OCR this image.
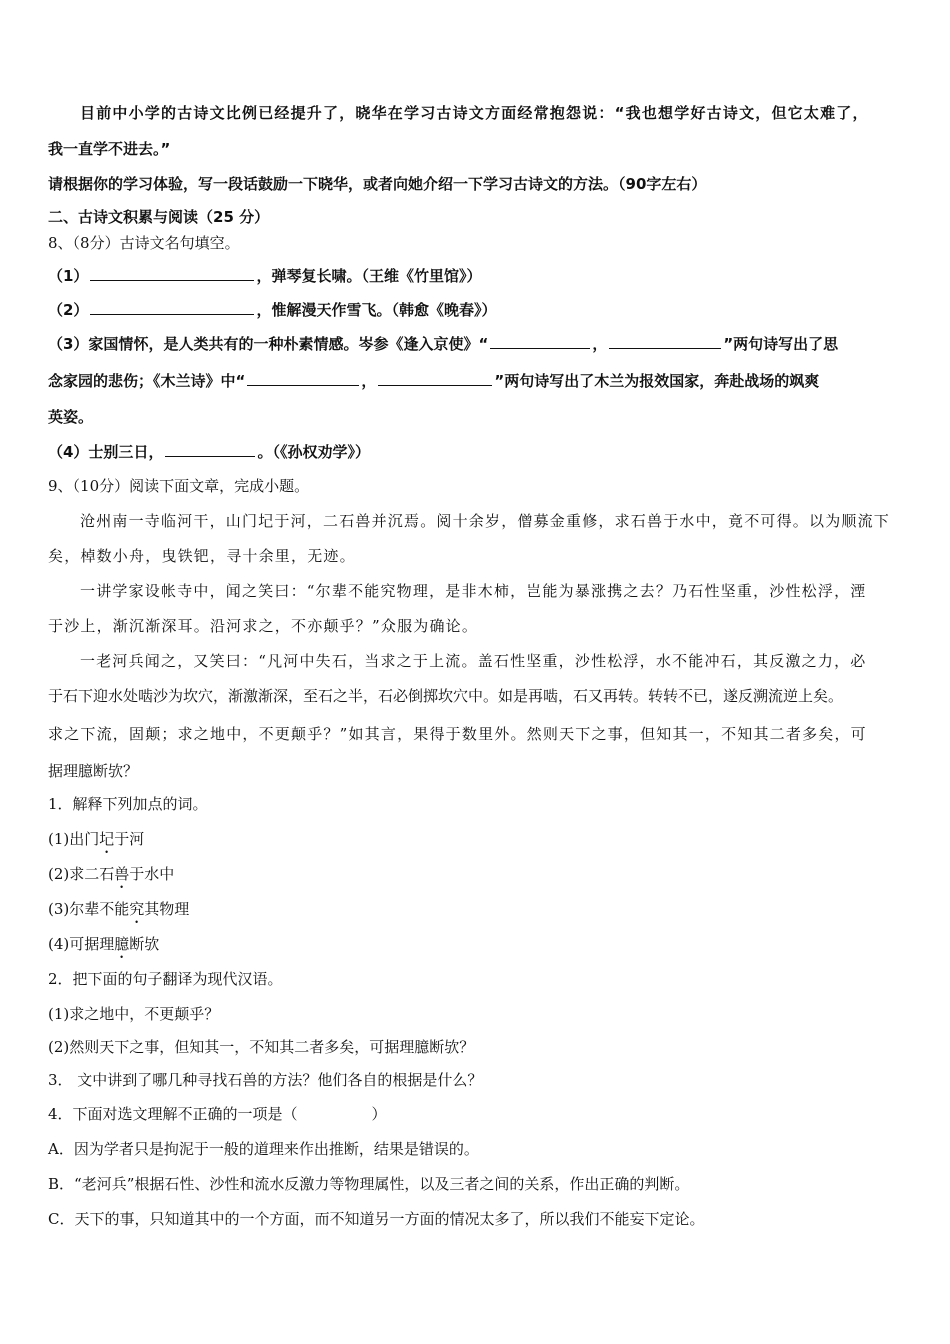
目前中小学的古诗文比例已经提升了，晓华在学习古诗文方面经常抱怨说：“我也想学好古诗文，但它太难了，
我一直学不进去。”
请根据你的学习体验，写一段话鼓励一下晓华，或者向她介绍一下学习古诗文的方法。（90字左右）
二、古诗文积累与阅读（25 分）
8、（8分）古诗文名句填空。
（1）	，弹琴复长啸。（王维《竹里馆》）
（2）	，惟解漫天作雪飞。（韩愈《晚春》）
（3）家国情怀，是人类共有的一种朴素情感。岑参《逢入京使》“	，	”两句诗写出了思
念家园的悲伤；《木兰诗》中“	，	”两句诗写出了木兰为报效国家，奔赴战场的飒爽
英姿。
（4）士别三日，	。（《孙权劝学》）
9、（10分）阅读下面文章，完成小题。
沧州南一寺临河干，山门圮于河，二石兽并沉焉。阅十余岁，僧募金重修，求石兽于水中，竟不可得。以为顺流下
矣，棹数小舟，曳铁钯，寻十余里，无迹。
一讲学家设帐寺中，闻之笑曰：“尔辈不能究物理，是非木柿，岂能为暴涨携之去？乃石性坚重，沙性松浮，湮
于沙上，渐沉渐深耳。沿河求之，不亦颠乎？”众服为确论。
一老河兵闻之，又笑曰：“凡河中失石，当求之于上流。盖石性坚重，沙性松浮，水不能冲石，其反激之力，必
于石下迎水处啮沙为坎穴，渐激渐深，至石之半，石必倒掷坎穴中。如是再啮，石又再转。转转不已，遂反溯流逆上矣。
求之下流，固颠；求之地中，不更颠乎？”如其言，果得于数里外。然则天下之事，但知其一，不知其二者多矣，可
据理臆断欤？
1．解释下列加点的词。
(1)出门圮于河
(2)求二石兽于水中
(3)尔辈不能究其物理
(4)可据理臆断欤
2．把下面的句子翻译为现代汉语。
(1)求之地中，不更颠乎？
(2)然则天下之事，但知其一，不知其二者多矣，可据理臆断欤？
3． 文中讲到了哪几种寻找石兽的方法？他们各自的根据是什么？
4．下面对选文理解不正确的一项是（	）
A．因为学者只是拘泥于一般的道理来作出推断，结果是错误的。
B．“老河兵”根据石性、沙性和流水反激力等物理属性，以及三者之间的关系，作出正确的判断。
C．天下的事，只知道其中的一个方面，而不知道另一方面的情况太多了，所以我们不能妄下定论。
